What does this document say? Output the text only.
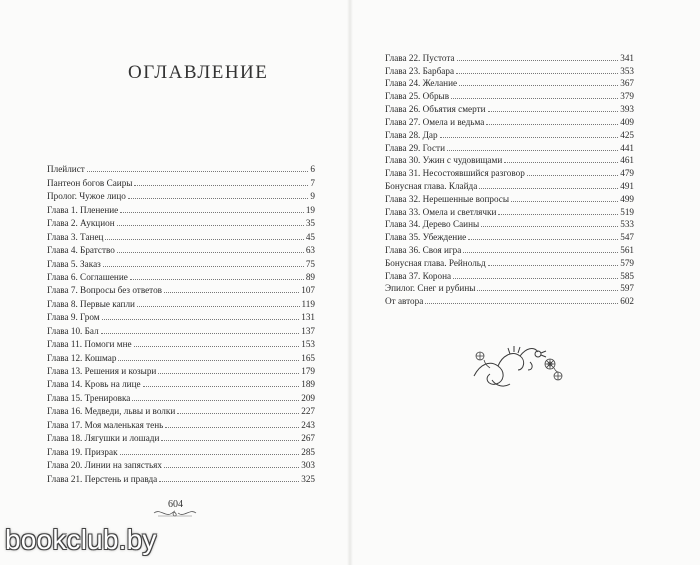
ОГЛАВЛЕНИЕ
Плейлист	6
Пантеон богов Саиры	7
Пролог. Чужое лицо	9
Глава 1. Пленение	19
Глава 2. Аукцион	35
Глава 3. Танец	45
Глава 4. Братство	63
Глава 5. Заказ	75
Глава 6. Соглашение	89
Глава 7. Вопросы без ответов	107
Глава 8. Первые капли	119
Глава 9. Гром	131
Глава 10. Бал	137
Глава 11. Помоги мне	153
Глава 12. Кошмар	165
Глава 13. Решения и козыри	179
Глава 14. Кровь на лице	189
Глава 15. Тренировка	209
Глава 16. Медведи, львы и волки	227
Глава 17. Моя маленькая тень	243
Глава 18. Лягушки и лошади	267
Глава 19. Призрак	285
Глава 20. Линии на запястьях	303
Глава 21. Перстень и правда	325
Глава 22. Пустота	341
Глава 23. Барбара	353
Глава 24. Желание	367
Глава 25. Обрыв	379
Глава 26. Объятия смерти	393
Глава 27. Омела и ведьма	409
Глава 28. Дар	425
Глава 29. Гости	441
Глава 30. Ужин с чудовищами	461
Глава 31. Несостоявшийся разговор	479
Бонусная глава. Клайда	491
Глава 32. Нерешенные вопросы	499
Глава 33. Омела и светлячки	519
Глава 34. Дерево Саины	533
Глава 35. Убеждение	547
Глава 36. Своя игра	561
Бонусная глава. Рейнольд	579
Глава 37. Корона	585
Эпилог. Снег и рубины	597
От автора	602
604
bookclub.by
